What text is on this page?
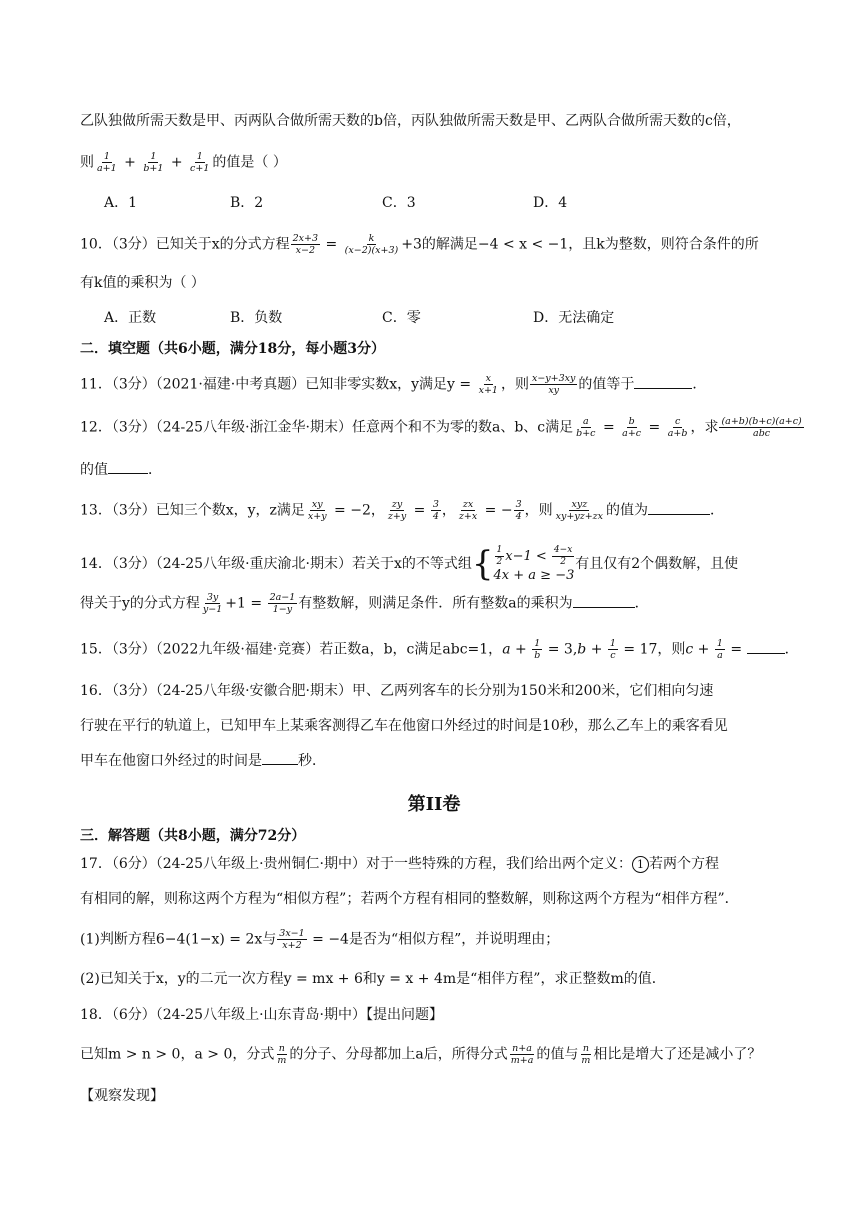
乙队独做所需天数是甲、丙两队合做所需天数的b倍，丙队独做所需天数是甲、乙两队合做所需天数的c倍，
则 $\frac{1}{a+1} + \frac{1}{b+1} + \frac{1}{c+1}$ 的值是（ ）
A．1	B．2	C．3	D．4
10．（3分）已知关于x的分式方程 $\frac{2x+3}{x-2} = \frac{k}{(x-2)(x+3)} +3$的解满足−4 < x < −1，且k为整数，则符合条件的所
有k值的乘积为（ ）
A．正数	B．负数	C．零	D．无法确定
二．填空题（共6小题，满分18分，每小题3分）
11．（3分）（2021·福建·中考真题）已知非零实数x，y满足$y = \frac{x}{x+1}$ ，则 $\frac{x-y+3xy}{xy}$ 的值等于	．
12．（3分）（24-25八年级·浙江金华·期末）任意两个和不为零的数a、b、c满足 $\frac{a}{b+c} = \frac{b}{a+c} = \frac{c}{a+b}$ ，求 $\frac{(a+b)(b+c)(a+c)}{\text{abc}}$
的值	．
13．（3分）已知三个数x，y，z满足 $\frac{xy}{x+y} = -2$， $\frac{zy}{z+y} = \frac{3}{4}$ ， $\frac{zx}{z+x}$ = − $\frac{3}{4}$ ，则 $\frac{\text{xyz}}{xy+yz+zx}$ 的值为	．
14．（3分）（24-25八年级·重庆渝北·期末）若关于x的不等式组 { $\frac{1}{2} x-1 < \frac{4-x}{2}$
4x + a ≥ −3
有且仅有2个偶数解，且使
得关于y的分式方程 $\frac{3y}{y-1} +1 = \frac{2a-1}{1-y}$ 有整数解，则满足条件．所有整数a的乘积为	．
15．（3分）（2022九年级·福建·竞赛）若正数a，b，c满足abc=1，$a + \frac{1}{b} = 3,b + \frac{1}{c} = 17$，则$c + \frac{1}{a}$ =	．
16．（3分）（24-25八年级·安徽合肥·期末）甲、乙两列客车的长分别为150米和200米，它们相向匀速
行驶在平行的轨道上，已知甲车上某乘客测得乙车在他窗口外经过的时间是10秒，那么乙车上的乘客看见
甲车在他窗口外经过的时间是	秒．
第II卷
三．解答题（共8小题，满分72分）
17．（6分）（24-25八年级上·贵州铜仁·期中）对于一些特殊的方程，我们给出两个定义： 1 若两个方程
有相同的解，则称这两个方程为“相似方程”；若两个方程有相同的整数解，则称这两个方程为“相伴方程”．
(1)判断方程6−4(1−x) = 2x与 $\frac{3x-1}{x+2} = -4$是否为“相似方程”，并说明理由；
(2)已知关于x，y的二元一次方程y = mx + 6和y = x + 4m是“相伴方程”，求正整数m的值．
18．（6分）（24-25八年级上·山东青岛·期中）【提出问题】
已知m > n > 0，a > 0，分式 $\frac{n}{m}$ 的分子、分母都加上a后，所得分式 $\frac{n+a}{m+a}$ 的值与 $\frac{n}{m}$ 相比是增大了还是减小了？
【观察发现】
